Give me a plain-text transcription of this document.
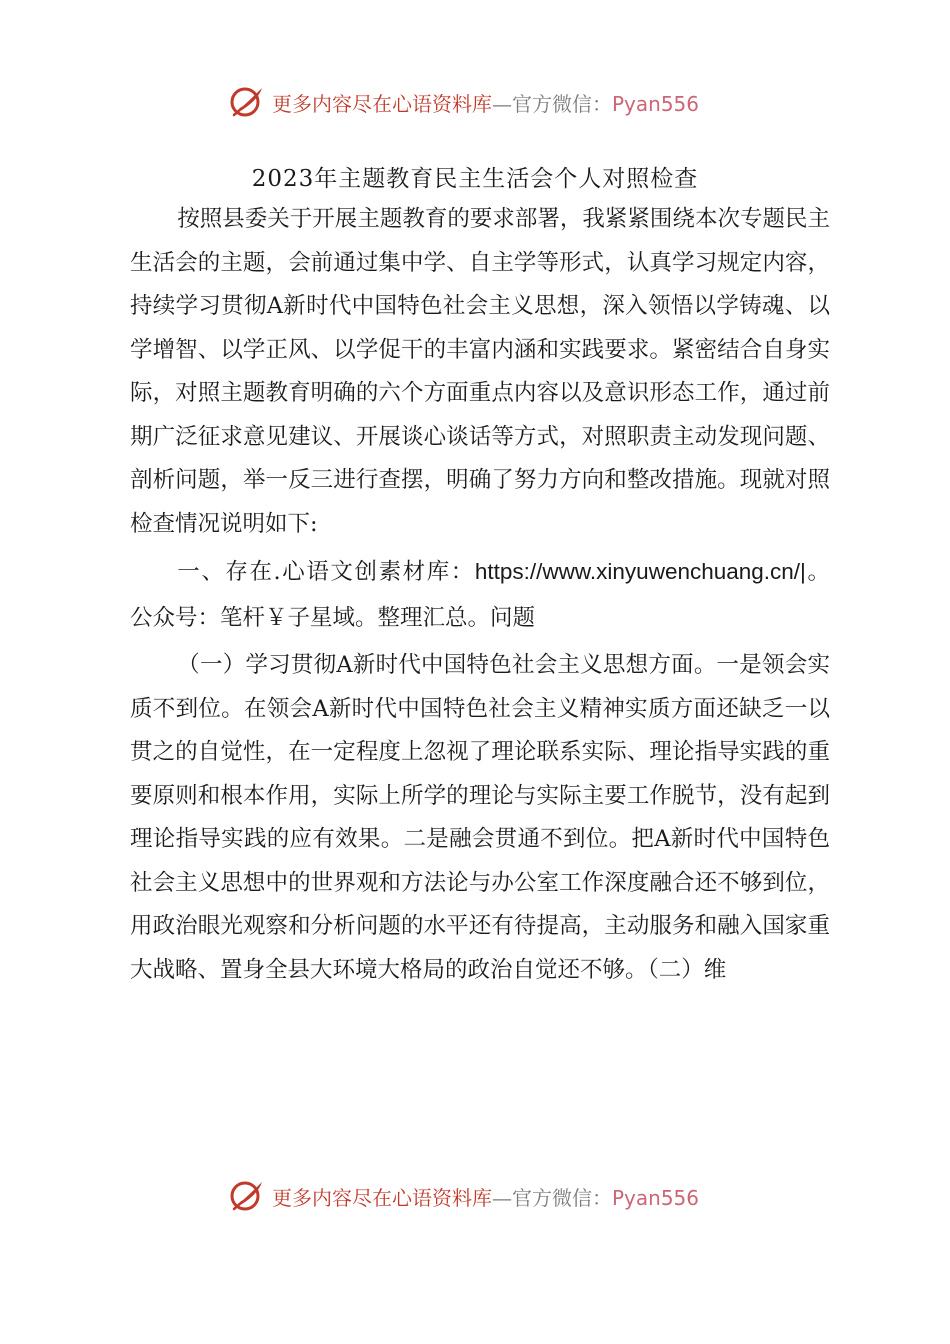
更多内容尽在心语资料库—官方微信：Pyan556
2023年主题教育民主生活会个人对照检查

按照县委关于开展主题教育的要求部署，我紧紧围绕本次专题民主生活会的主题，会前通过集中学、自主学等形式，认真学习规定内容，持续学习贯彻A新时代中国特色社会主义思想，深入领悟以学铸魂、以学增智、以学正风、以学促干的丰富内涵和实践要求。紧密结合自身实际，对照主题教育明确的六个方面重点内容以及意识形态工作，通过前期广泛征求意见建议、开展谈心谈话等方式，对照职责主动发现问题、剖析问题，举一反三进行查摆，明确了努力方向和整改措施。现就对照检查情况说明如下:

一、存在.心语文创素材库：https://www.xinyuwenchuang.cn/|。公众号：笔杆￥子星域。整理汇总。问题

（一）学习贯彻A新时代中国特色社会主义思想方面。一是领会实质不到位。在领会A新时代中国特色社会主义精神实质方面还缺乏一以贯之的自觉性，在一定程度上忽视了理论联系实际、理论指导实践的重要原则和根本作用，实际上所学的理论与实际主要工作脱节，没有起到理论指导实践的应有效果。二是融会贯通不到位。把A新时代中国特色社会主义思想中的世界观和方法论与办公室工作深度融合还不够到位，用政治眼光观察和分析问题的水平还有待提高，主动服务和融入国家重大战略、置身全县大环境大格局的政治自觉还不够。（二）维

更多内容尽在心语资料库—官方微信：Pyan556
